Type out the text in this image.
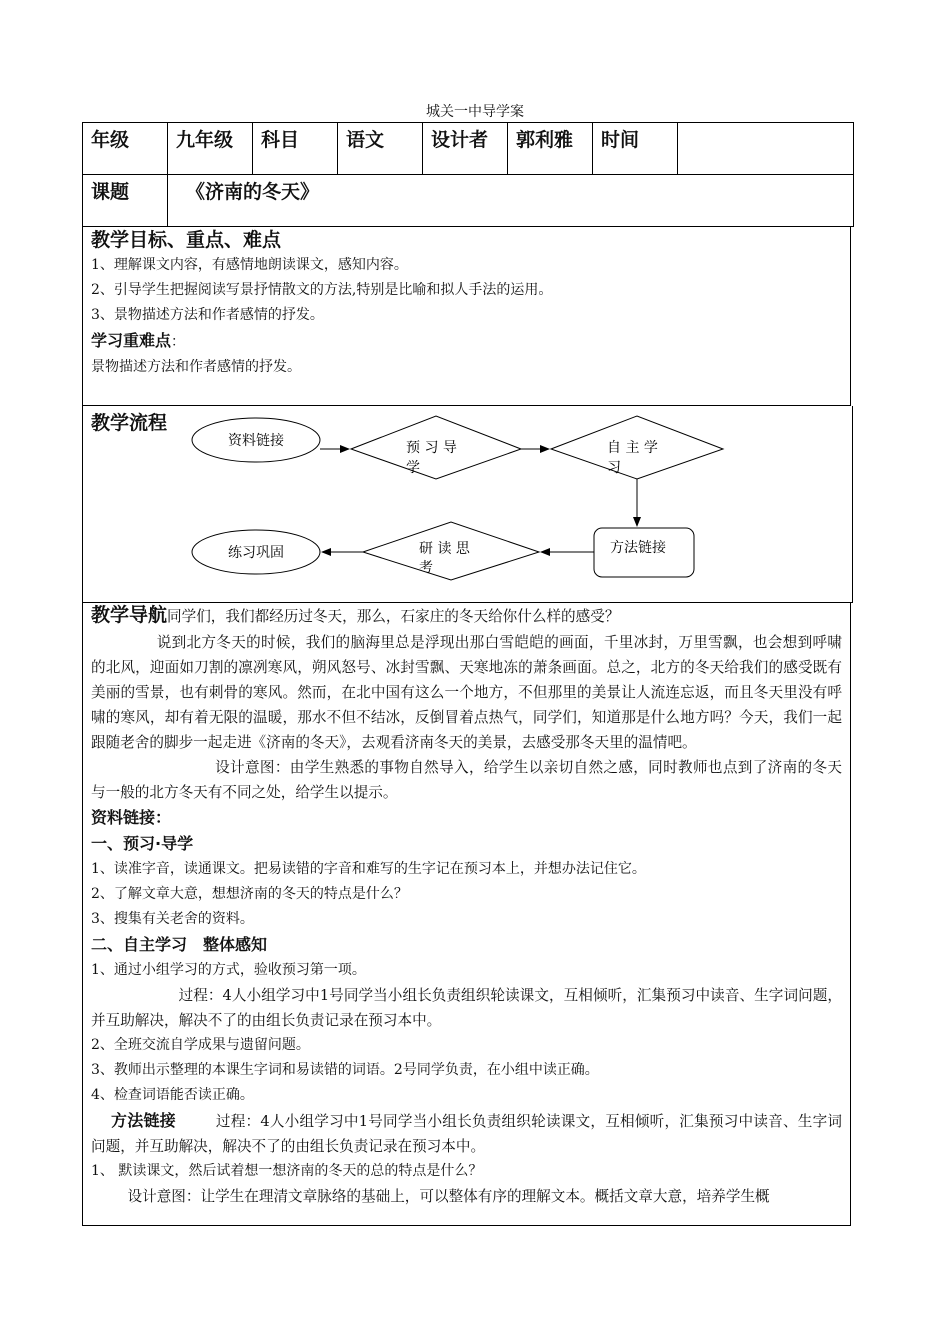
城关一中导学案
年级	九年级	科目	语文	设计者	郭利雅	时间	
课题	《济南的冬天》						
教学目标、重点、难点
1、理解课文内容，有感情地朗读课文，感知内容。
2、引导学生把握阅读写景抒情散文的方法,特别是比喻和拟人手法的运用。
3、景物描述方法和作者感情的抒发。
学习重难点：
景物描述方法和作者感情的抒发。
教学流程
资料链接	预 习 导
学
自 主 学
习
方法链接
研 读 思
考
练习巩固

教学导航同学们，我们都经历过冬天，那么，石家庄的冬天给你什么样的感受？

说到北方冬天的时候，我们的脑海里总是浮现出那白雪皑皑的画面，千里冰封，万里雪飘，也会想到呼啸的北风，迎面如刀割的凛冽寒风，朔风怒号、冰封雪飘、天寒地冻的萧条画面。总之，北方的冬天给我们的感受既有美丽的雪景，也有刺骨的寒风。然而，在北中国有这么一个地方，不但那里的美景让人流连忘返，而且冬天里没有呼啸的寒风，却有着无限的温暖，那水不但不结冰，反倒冒着点热气，同学们，知道那是什么地方吗？今天，我们一起跟随老舍的脚步一起走进《济南的冬天》，去观看济南冬天的美景，去感受那冬天里的温情吧。

设计意图：由学生熟悉的事物自然导入，给学生以亲切自然之感，同时教师也点到了济南的冬天与一般的北方冬天有不同之处，给学生以提示。

资料链接：
一、预习·导学
1、读准字音，读通课文。把易读错的字音和难写的生字记在预习本上，并想办法记住它。
2、了解文章大意，想想济南的冬天的特点是什么？
3、搜集有关老舍的资料。
二、自主学习　整体感知
1、通过小组学习的方式，验收预习第一项。

过程：4人小组学习中1号同学当小组长负责组织轮读课文，互相倾听，汇集预习中读音、生字词问题，并互助解决，解决不了的由组长负责记录在预习本中。

2、全班交流自学成果与遗留问题。
3、教师出示整理的本课生字词和易读错的词语。2号同学负责，在小组中读正确。
4、检查词语能否读正确。

方法链接	过程：4人小组学习中1号同学当小组长负责组织轮读课文，互相倾听，汇集预习中读音、生字词问题，并互助解决，解决不了的由组长负责记录在预习本中。

1、 默读课文，然后试着想一想济南的冬天的总的特点是什么？

设计意图：让学生在理清文章脉络的基础上，可以整体有序的理解文本。概括文章大意，培养学生概
